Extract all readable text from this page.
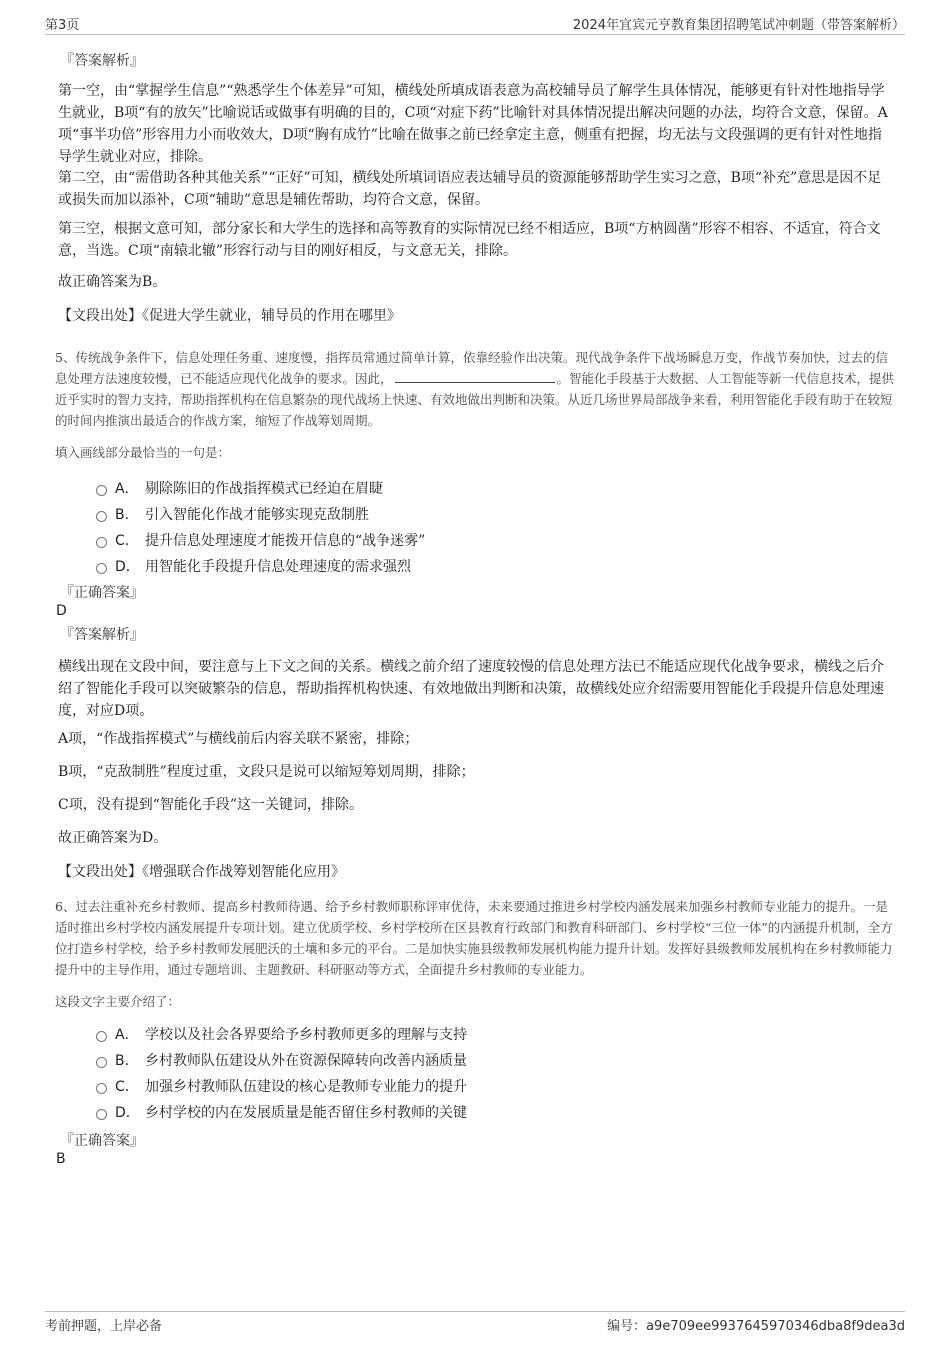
第3页	2024年宜宾元亨教育集团招聘笔试冲刺题（带答案解析）
『答案解析』
第一空，由“掌握学生信息”“熟悉学生个体差异”可知，横线处所填成语表意为高校辅导员了解学生具体情况，能够更有针对性地指导学生就业，B项“有的放矢”比喻说话或做事有明确的目的，C项“对症下药”比喻针对具体情况提出解决问题的办法，均符合文意，保留。A项“事半功倍”形容用力小而收效大，D项“胸有成竹”比喻在做事之前已经拿定主意，侧重有把握，均无法与文段强调的更有针对性地指导学生就业对应，排除。
第二空，由“需借助各种其他关系”“正好”可知，横线处所填词语应表达辅导员的资源能够帮助学生实习之意，B项“补充”意思是因不足或损失而加以添补，C项“辅助”意思是辅佐帮助，均符合文意，保留。
第三空，根据文意可知，部分家长和大学生的选择和高等教育的实际情况已经不相适应，B项“方枘圆凿”形容不相容、不适宜，符合文意，当选。C项“南辕北辙”形容行动与目的刚好相反，与文意无关，排除。
故正确答案为B。
【文段出处】《促进大学生就业，辅导员的作用在哪里》
5、传统战争条件下，信息处理任务重、速度慢，指挥员常通过简单计算，依靠经验作出决策。现代战争条件下战场瞬息万变，作战节奏加快，过去的信息处理方法速度较慢，已不能适应现代化战争的要求。因此，	。智能化手段基于大数据、人工智能等新一代信息技术，提供近乎实时的智力支持，帮助指挥机构在信息繁杂的现代战场上快速、有效地做出判断和决策。从近几场世界局部战争来看，利用智能化手段有助于在较短的时间内推演出最适合的作战方案，缩短了作战筹划周期。
填入画线部分最恰当的一句是：
A． 剔除陈旧的作战指挥模式已经迫在眉睫
B． 引入智能化作战才能够实现克敌制胜
C． 提升信息处理速度才能拨开信息的“战争迷雾”
D． 用智能化手段提升信息处理速度的需求强烈
『正确答案』
D
『答案解析』
横线出现在文段中间，要注意与上下文之间的关系。横线之前介绍了速度较慢的信息处理方法已不能适应现代化战争要求，横线之后介绍了智能化手段可以突破繁杂的信息，帮助指挥机构快速、有效地做出判断和决策，故横线处应介绍需要用智能化手段提升信息处理速度，对应D项。
A项，“作战指挥模式”与横线前后内容关联不紧密，排除；
B项，“克敌制胜”程度过重，文段只是说可以缩短筹划周期，排除；
C项，没有提到“智能化手段”这一关键词，排除。
故正确答案为D。
【文段出处】《增强联合作战筹划智能化应用》
6、过去注重补充乡村教师、提高乡村教师待遇、给予乡村教师职称评审优待，未来要通过推进乡村学校内涵发展来加强乡村教师专业能力的提升。一是适时推出乡村学校内涵发展提升专项计划。建立优质学校、乡村学校所在区县教育行政部门和教育科研部门、乡村学校“三位一体”的内涵提升机制，全方位打造乡村学校，给予乡村教师发展肥沃的土壤和多元的平台。二是加快实施县级教师发展机构能力提升计划。发挥好县级教师发展机构在乡村教师能力提升中的主导作用，通过专题培训、主题教研、科研驱动等方式，全面提升乡村教师的专业能力。
这段文字主要介绍了：
A． 学校以及社会各界要给予乡村教师更多的理解与支持
B． 乡村教师队伍建设从外在资源保障转向改善内涵质量
C． 加强乡村教师队伍建设的核心是教师专业能力的提升
D． 乡村学校的内在发展质量是能否留住乡村教师的关键
『正确答案』
B
考前押题，上岸必备	编号：a9e709ee9937645970346dba8f9dea3d
